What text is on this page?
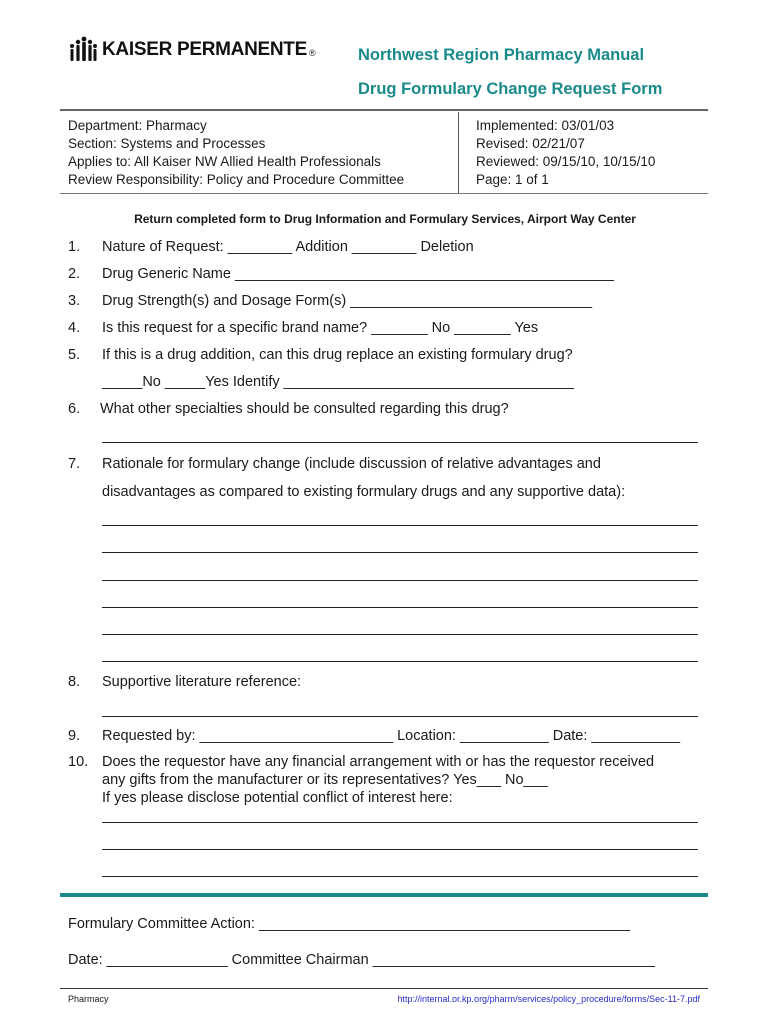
KAISER PERMANENTE ®	Northwest Region Pharmacy Manual
Drug Formulary Change Request Form
Department: Pharmacy
Section: Systems and Processes
Applies to: All Kaiser NW Allied Health Professionals
Review Responsibility: Policy and Procedure Committee
Implemented: 03/01/03
Revised: 02/21/07
Reviewed: 09/15/10, 10/15/10
Page: 1 of 1
Return completed form to Drug Information and Formulary Services, Airport Way Center
1. Nature of Request: ________ Addition ________ Deletion
2. Drug Generic Name _______________________________________________
3. Drug Strength(s) and Dosage Form(s) ______________________________
4. Is this request for a specific brand name? _______ No _______ Yes
5. If this is a drug addition, can this drug replace an existing formulary drug?
_____No _____Yes Identify ____________________________________
6. What other specialties should be consulted regarding this drug?
7. Rationale for formulary change (include discussion of relative advantages and
disadvantages as compared to existing formulary drugs and any supportive data):
8. Supportive literature reference:
9. Requested by: ________________________ Location: ___________ Date: ___________
10. Does the requestor have any financial arrangement with or has the requestor received
any gifts from the manufacturer or its representatives? Yes___ No___
If yes please disclose potential conflict of interest here:
Formulary Committee Action: ______________________________________________
Date: _______________ Committee Chairman ___________________________________
Pharmacy	http://internal.or.kp.org/pharm/services/policy_procedure/forms/Sec-11-7.pdf
